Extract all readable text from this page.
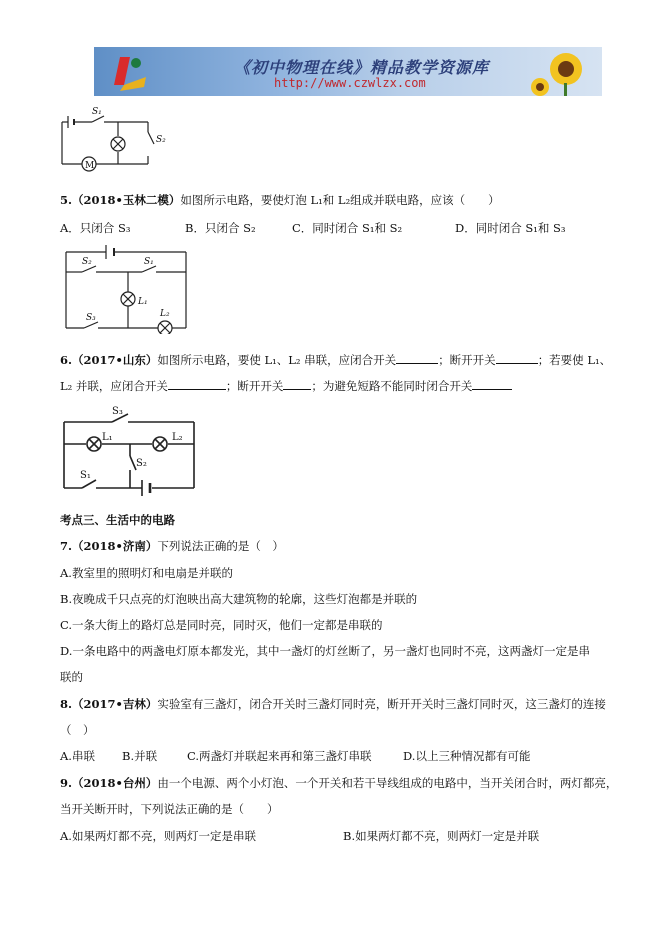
《初中物理在线》精品教学资源库
http://www.czwlzx.com
M
S₁
S₂
5.（2018•玉林二模）如图所示电路，要使灯泡 L₁和 L₂组成并联电路，应该（　　）
A．只闭合 S₃	B．只闭合 S₂	C．同时闭合 S₁和 S₂	D．同时闭合 S₁和 S₃
S₂	S₁
S₃
L₁
L₂
6.（2017•山东）如图所示电路，要使 L₁、L₂ 串联，应闭合开关	；断开开关	；若要使 L₁、
L₂ 并联，应闭合开关	；断开开关 ；为避免短路不能同时闭合开关
S₃
L₁	L₂
S₂
S₁
考点三、生活中的电路
7.（2018•济南）下列说法正确的是（　）
A.教室里的照明灯和电扇是并联的
B.夜晚成千只点亮的灯泡映出高大建筑物的轮廓，这些灯泡都是并联的
C.一条大街上的路灯总是同时亮，同时灭，他们一定都是串联的
D.一条电路中的两盏电灯原本都发光，其中一盏灯的灯丝断了，另一盏灯也同时不亮，这两盏灯一定是串
联的
8.（2017•吉林）实验室有三盏灯，闭合开关时三盏灯同时亮，断开开关时三盏灯同时灭，这三盏灯的连接
（　）
A.串联 B.并联	C.两盏灯并联起来再和第三盏灯串联	D.以上三种情况都有可能
9.（2018•台州）由一个电源、两个小灯泡、一个开关和若干导线组成的电路中，当开关闭合时，两灯都亮，
当开关断开时，下列说法正确的是（　　）
A.如果两灯都不亮，则两灯一定是串联	B.如果两灯都不亮，则两灯一定是并联
